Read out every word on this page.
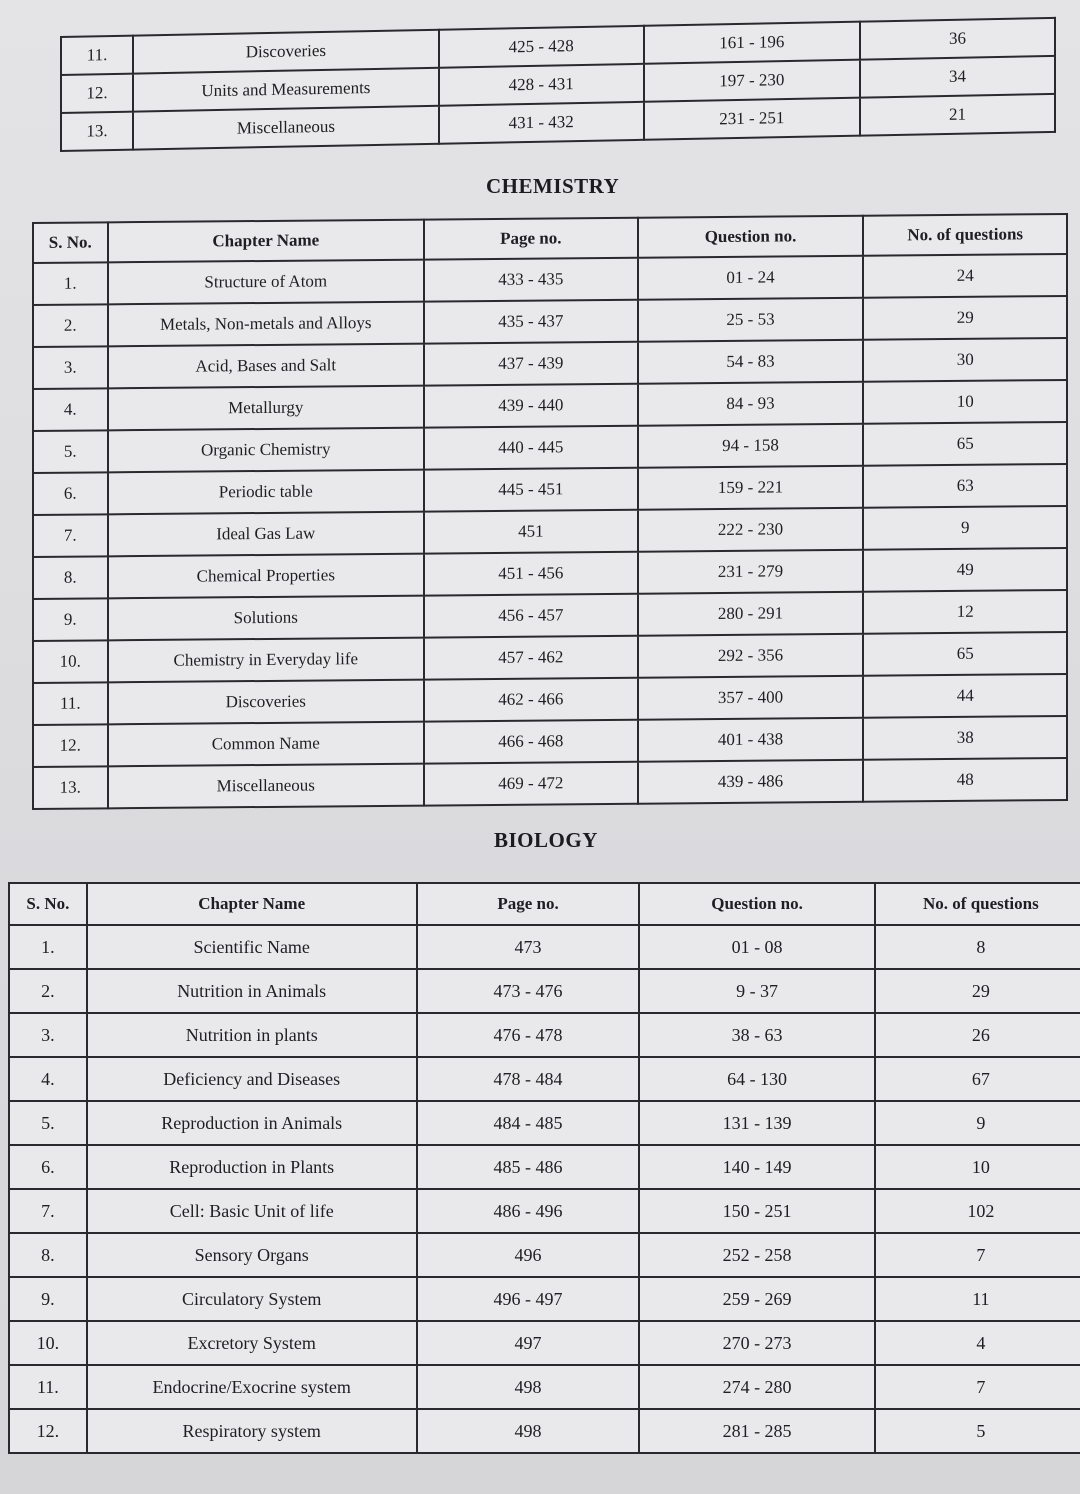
11.	Discoveries	425 - 428	161 - 196	36
12.	Units and Measurements	428 - 431	197 - 230	34
13.	Miscellaneous	431 - 432	231 - 251	21
CHEMISTRY
S. No.	Chapter Name	Page no.	Question no.	No. of questions
1.	Structure of Atom	433 - 435	01 - 24	24
2.	Metals, Non-metals and Alloys	435 - 437	25 - 53	29
3.	Acid, Bases and Salt	437 - 439	54 - 83	30
4.	Metallurgy	439 - 440	84 - 93	10
5.	Organic Chemistry	440 - 445	94 - 158	65
6.	Periodic table	445 - 451	159 - 221	63
7.	Ideal Gas Law	451	222 - 230	9
8.	Chemical Properties	451 - 456	231 - 279	49
9.	Solutions	456 - 457	280 - 291	12
10.	Chemistry in Everyday life	457 - 462	292 - 356	65
11.	Discoveries	462 - 466	357 - 400	44
12.	Common Name	466 - 468	401 - 438	38
13.	Miscellaneous	469 - 472	439 - 486	48
BIOLOGY
S. No.	Chapter Name	Page no.	Question no.	No. of questions
1.	Scientific Name	473	01 - 08	8
2.	Nutrition in Animals	473 - 476	9 - 37	29
3.	Nutrition in plants	476 - 478	38 - 63	26
4.	Deficiency and Diseases	478 - 484	64 - 130	67
5.	Reproduction in Animals	484 - 485	131 - 139	9
6.	Reproduction in Plants	485 - 486	140 - 149	10
7.	Cell: Basic Unit of life	486 - 496	150 - 251	102
8.	Sensory Organs	496	252 - 258	7
9.	Circulatory System	496 - 497	259 - 269	11
10.	Excretory System	497	270 - 273	4
11.	Endocrine/Exocrine system	498	274 - 280	7
12.	Respiratory system	498	281 - 285	5
